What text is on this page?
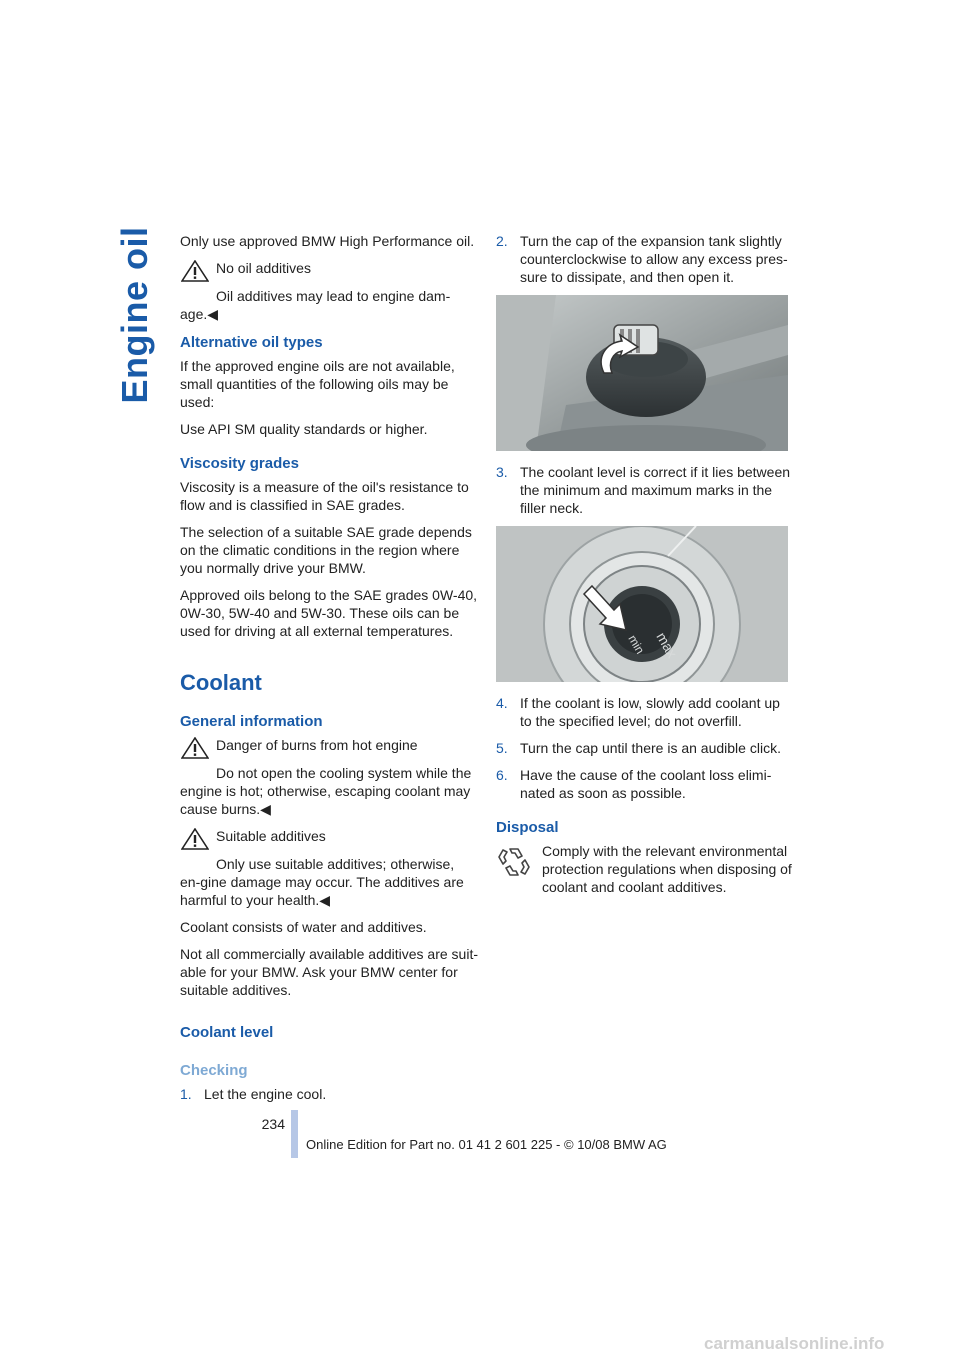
Engine oil Only use approved BMW High Performance oil.

No oil additives
Oil additives may lead to engine dam-age.◀
Alternative oil types

If the approved engine oils are not available, small quantities of the following oils may be used:

Use API SM quality standards or higher.

Viscosity grades

Viscosity is a measure of the oil's resistance to flow and is classified in SAE grades.

The selection of a suitable SAE grade depends on the climatic conditions in the region where you normally drive your BMW.

Approved oils belong to the SAE grades 0W-40, 0W-30, 5W-40 and 5W-30. These oils can be used for driving at all external temperatures.

Coolant
General information
Danger of burns from hot engine
Do not open the cooling system while the engine is hot; otherwise, escaping coolant may cause burns.◀
Suitable additives
Only use suitable additives; otherwise, en-gine damage may occur. The additives are harmful to your health.◀

Coolant consists of water and additives.

Not all commercially available additives are suit-able for your BMW. Ask your BMW center for suitable additives.

Coolant level
Checking
1. Let the engine cool.
2. Turn the cap of the expansion tank slightly counterclockwise to allow any excess pres-sure to dissipate, and then open it.
3. The coolant level is correct if it lies between the minimum and maximum marks in the filler neck.
max
min
4. If the coolant is low, slowly add coolant up to the specified level; do not overfill.
5. Turn the cap until there is an audible click.
6. Have the cause of the coolant loss elimi-nated as soon as possible.
Disposal
Comply with the relevant environmental protection regulations when disposing of coolant and coolant additives.
234
Online Edition for Part no. 01 41 2 601 225 - © 10/08 BMW AG
carmanualsonline.info
